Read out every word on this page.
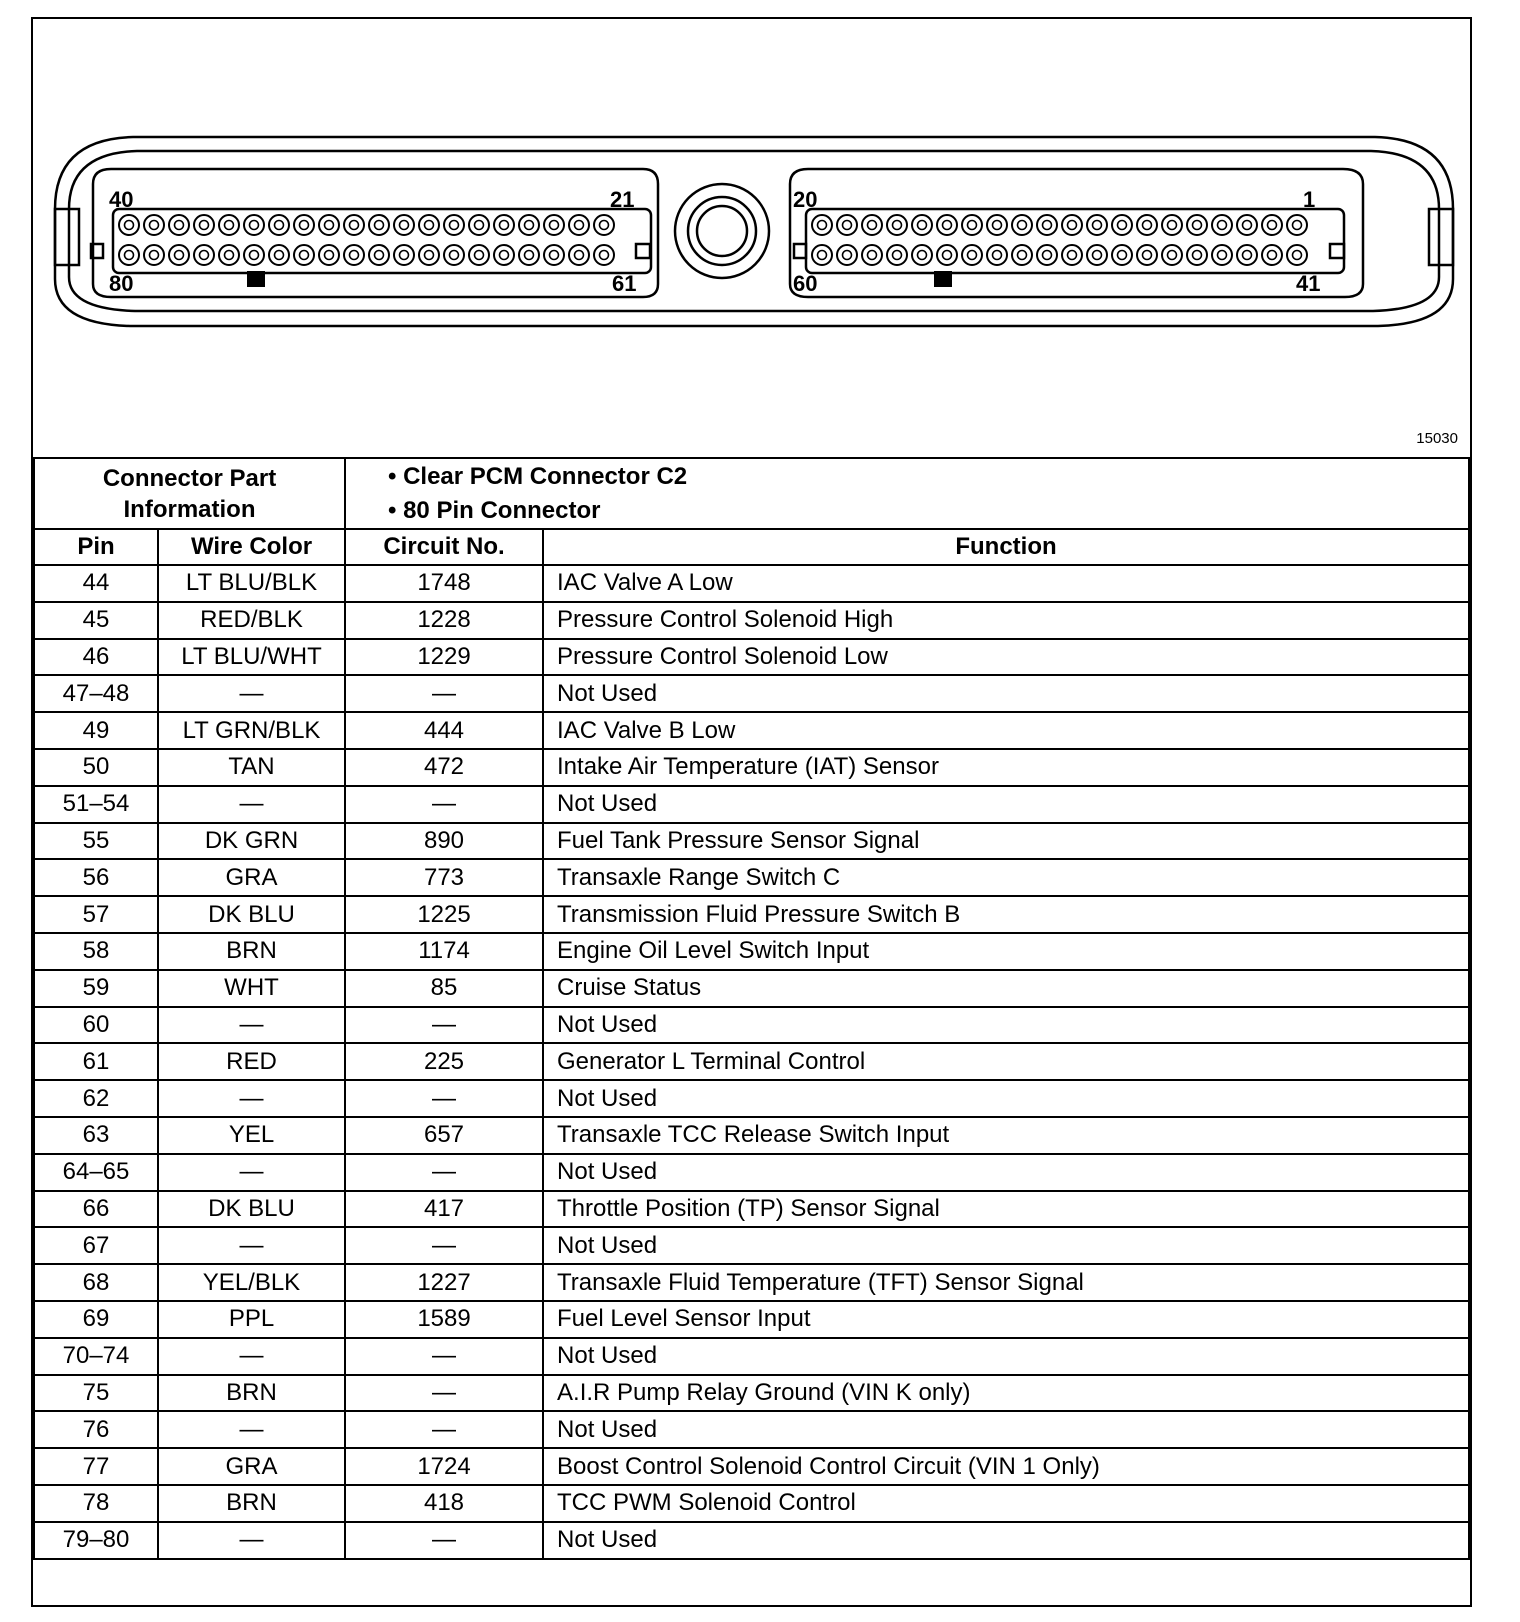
40	21
80	61
20	1
60	41
15030
Connector Part Information		• Clear PCM Connector C2
• 80 Pin Connector	

Pin	Wire Color	Circuit No.	Function
44	LT BLU/BLK	1748	IAC Valve A Low
45	RED/BLK	1228	Pressure Control Solenoid High
46	LT BLU/WHT	1229	Pressure Control Solenoid Low
47–48	—	—	Not Used
49	LT GRN/BLK	444	IAC Valve B Low
50	TAN	472	Intake Air Temperature (IAT) Sensor
51–54	—	—	Not Used
55	DK GRN	890	Fuel Tank Pressure Sensor Signal
56	GRA	773	Transaxle Range Switch C
57	DK BLU	1225	Transmission Fluid Pressure Switch B
58	BRN	1174	Engine Oil Level Switch Input
59	WHT	85	Cruise Status
60	—	—	Not Used
61	RED	225	Generator L Terminal Control
62	—	—	Not Used
63	YEL	657	Transaxle TCC Release Switch Input
64–65	—	—	Not Used
66	DK BLU	417	Throttle Position (TP) Sensor Signal
67	—	—	Not Used
68	YEL/BLK	1227	Transaxle Fluid Temperature (TFT) Sensor Signal
69	PPL	1589	Fuel Level Sensor Input
70–74	—	—	Not Used
75	BRN	—	A.I.R Pump Relay Ground (VIN K only)
76	—	—	Not Used
77	GRA	1724	Boost Control Solenoid Control Circuit (VIN 1 Only)
78	BRN	418	TCC PWM Solenoid Control
79–80	—	—	Not Used
